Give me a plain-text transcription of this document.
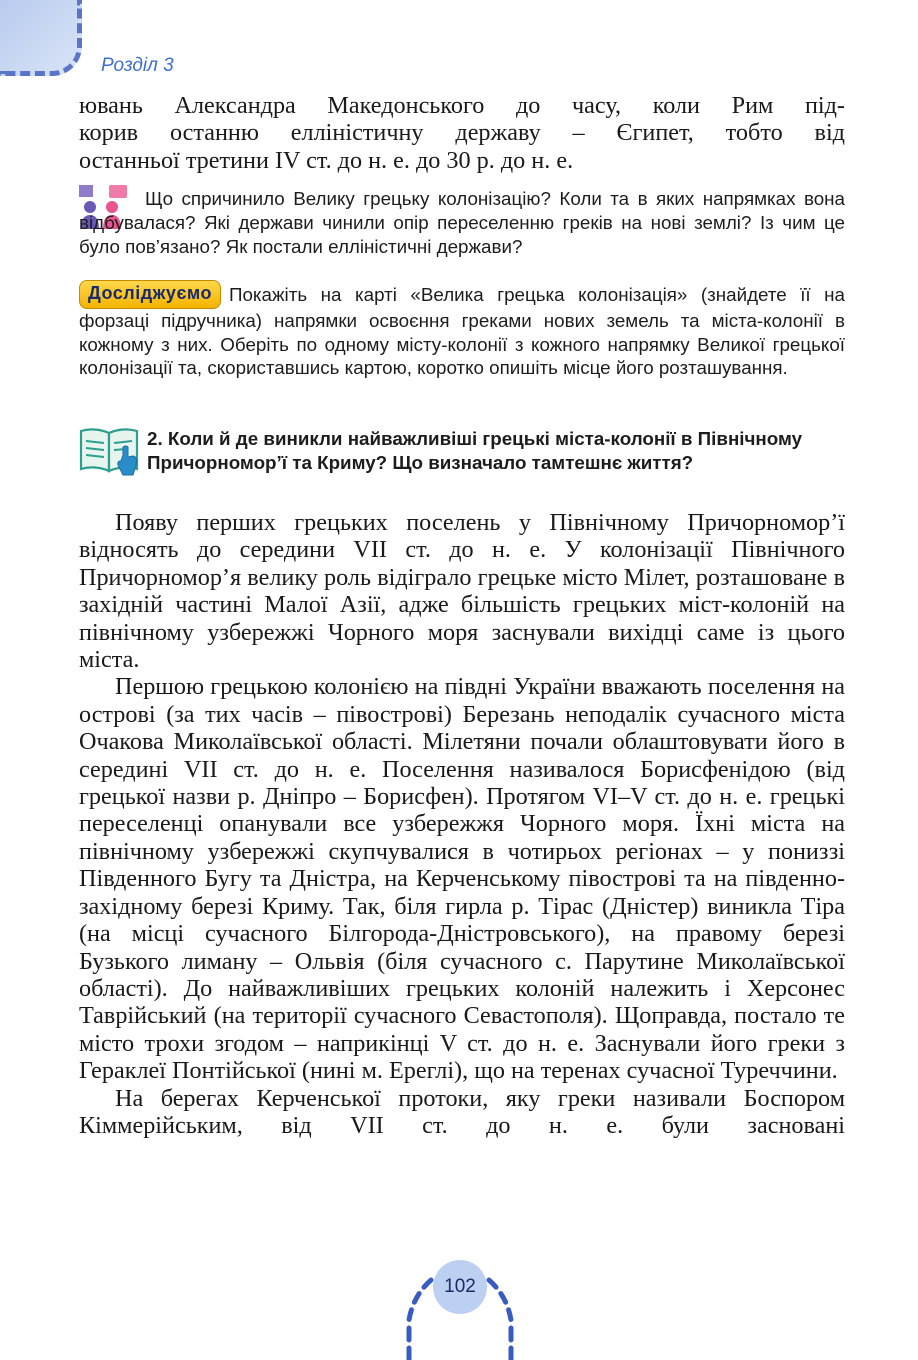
Розділ 3

ювань Александра Македонського до часу, коли Рим під-

корив останню елліністичну державу – Єгипет, тобто від

останньої третини IV ст. до н. е. до 30 р. до н. е.

Що спричинило Велику грецьку колонізацію? Коли та в яких напрямках вона відбувалася? Які держави чинили опір переселенню греків на нові землі? Із чим це було пов’язано? Як постали елліністичні держави?
Досліджуємо Покажіть на карті «Велика грецька колонізація» (знайдете її на форзаці підручника) напрямки освоєння греками нових земель та міста-колонії в кожному з них. Оберіть по одному місту-колонії з кожного напрямку Великої грецької колонізації та, скориставшись картою, коротко опишіть місце його розташування.
2. Коли й де виникли найважливіші грецькі міста-колонії в Північному Причорномор’ї та Криму? Що визначало тамтешнє життя?

Появу перших грецьких поселень у Північному Причорномор’ї відносять до середини VII ст. до н. е. У колонізації Північного Причорномор’я велику роль відіграло грецьке місто Мілет, розташоване в західній частині Малої Азії, адже більшість грецьких міст-колоній на північному узбережжі Чорного моря заснували вихідці саме із цього міста.

Першою грецькою колонією на півдні України вважають поселення на острові (за тих часів – півострові) Березань неподалік сучасного міста Очакова Миколаївської області. Мілетяни почали облаштовувати його в середині VII ст. до н. е. Поселення називалося Борисфенідою (від грецької назви р. Дніпро – Борисфен). Протягом VI–V ст. до н. е. грецькі переселенці опанували все узбережжя Чорного моря. Їхні міста на північному узбережжі скупчувалися в чотирьох регіонах – у пониззі Південного Бугу та Дністра, на Керченському півострові та на південно-західному березі Криму. Так, біля гирла р. Тірас (Дністер) виникла Тіра (на місці сучасного Білгорода-Дністровського), на правому березі Бузького лиману – Ольвія (біля сучасного с. Парутине Миколаївської області). До найважливіших грецьких колоній належить і Херсонес Таврійський (на території сучасного Севастополя). Щоправда, постало те місто трохи згодом – наприкінці V ст. до н. е. Заснували його греки з Гераклеї Понтійської (нині м. Ереглі), що на теренах сучасної Туреччини.

На берегах Керченської протоки, яку греки називали Боспором Кіммерійським, від VII ст. до н. е. були засновані

102
